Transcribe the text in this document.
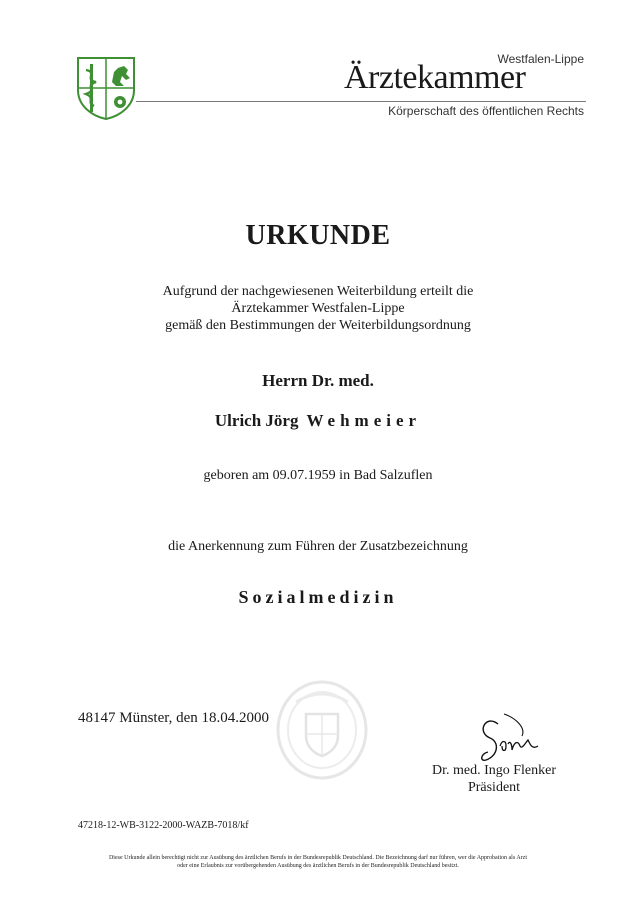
Westfalen-Lippe
Ärztekammer
Körperschaft des öffentlichen Rechts
URKUNDE
Aufgrund der nachgewiesenen Weiterbildung erteilt die
Ärztekammer Westfalen-Lippe
gemäß den Bestimmungen der Weiterbildungsordnung
Herrn Dr. med.
Ulrich Jörg Wehmeier
geboren am 09.07.1959 in Bad Salzuflen
die Anerkennung zum Führen der Zusatzbezeichnung
Sozialmedizin
48147 Münster, den 18.04.2000
Dr. med. Ingo Flenker
Präsident
47218-12-WB-3122-2000-WAZB-7018/kf
Diese Urkunde allein berechtigt nicht zur Ausübung des ärztlichen Berufs in der Bundesrepublik Deutschland. Die Bezeichnung darf nur führen, wer die Approbation als Arzt
oder eine Erlaubnis zur vorübergehenden Ausübung des ärztlichen Berufs in der Bundesrepublik Deutschland besitzt.
